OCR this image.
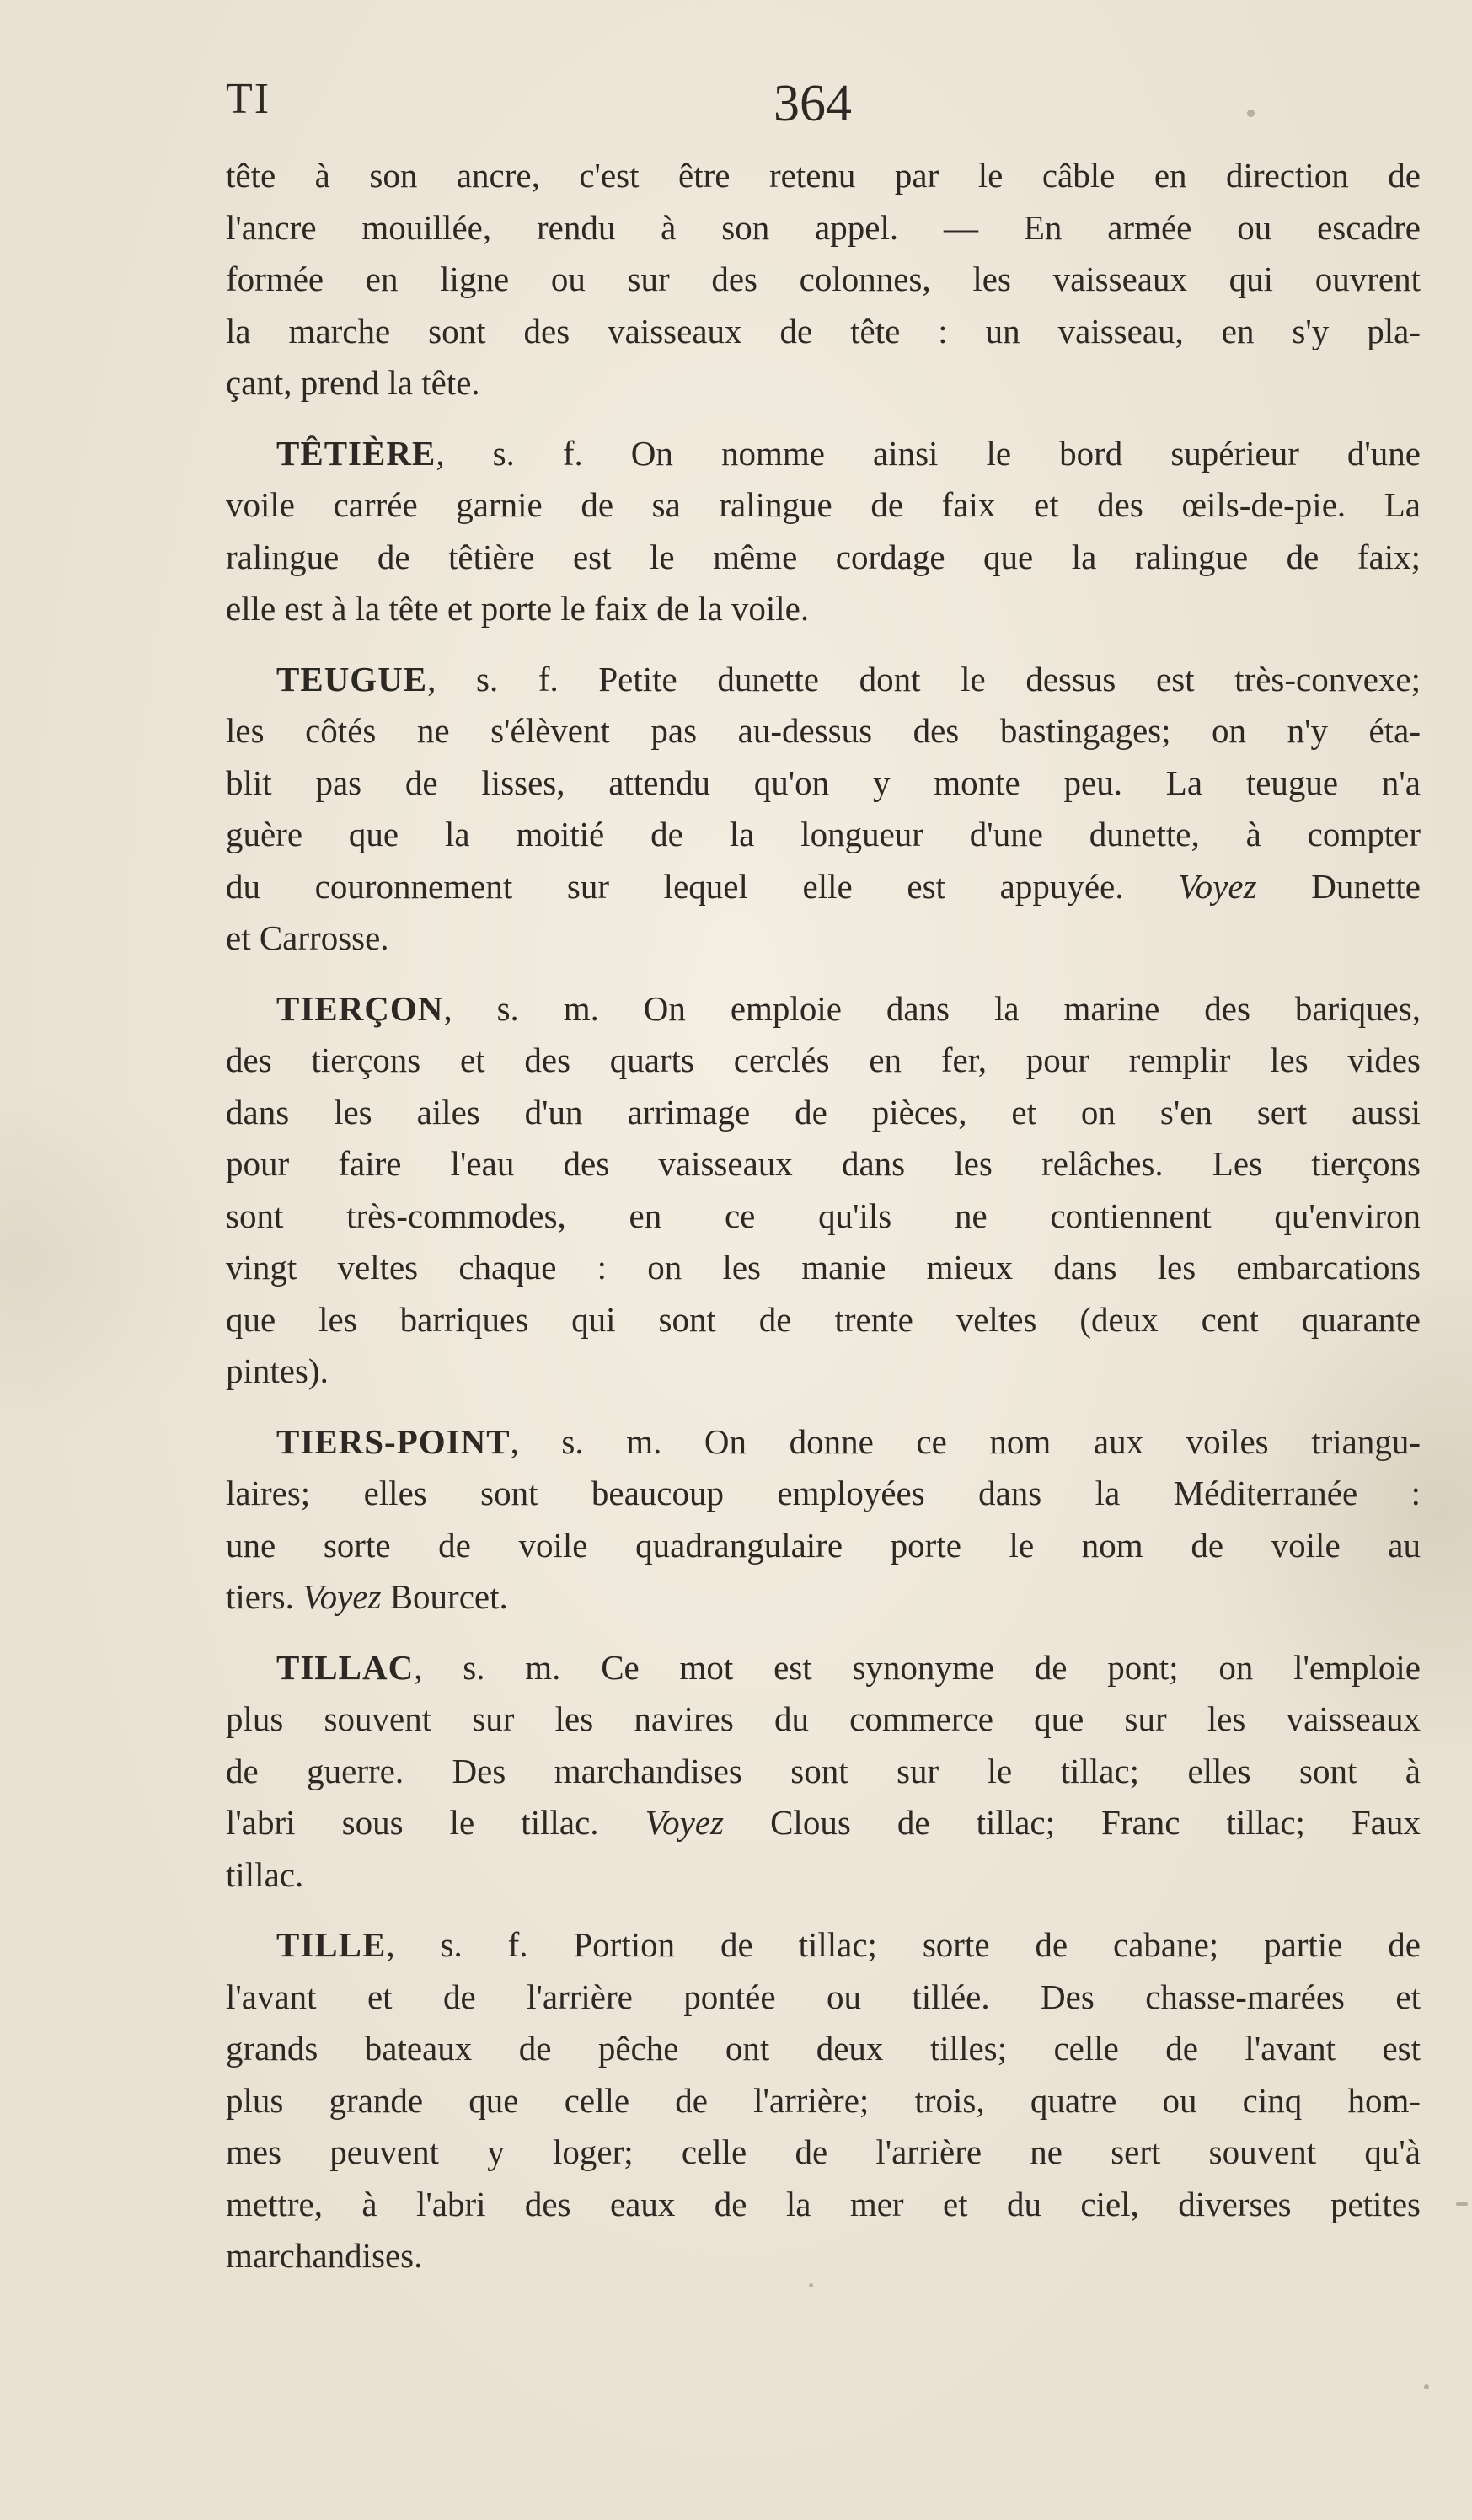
TI	364
tête à son ancre, c'est être retenu par le câble en direction de
l'ancre mouillée, rendu à son appel. — En armée ou escadre
formée en ligne ou sur des colonnes, les vaisseaux qui ouvrent
la marche sont des vaisseaux de tête : un vaisseau, en s'y pla-
çant, prend la tête.
TÊTIÈRE, s. f. On nomme ainsi le bord supérieur d'une
voile carrée garnie de sa ralingue de faix et des œils-de-pie. La
ralingue de têtière est le même cordage que la ralingue de faix;
elle est à la tête et porte le faix de la voile.
TEUGUE, s. f. Petite dunette dont le dessus est très-convexe;
les côtés ne s'élèvent pas au-dessus des bastingages; on n'y éta-
blit pas de lisses, attendu qu'on y monte peu. La teugue n'a
guère que la moitié de la longueur d'une dunette, à compter
du couronnement sur lequel elle est appuyée. Voyez Dunette
et Carrosse.
TIERÇON, s. m. On emploie dans la marine des bariques,
des tierçons et des quarts cerclés en fer, pour remplir les vides
dans les ailes d'un arrimage de pièces, et on s'en sert aussi
pour faire l'eau des vaisseaux dans les relâches. Les tierçons
sont très-commodes, en ce qu'ils ne contiennent qu'environ
vingt veltes chaque : on les manie mieux dans les embarcations
que les barriques qui sont de trente veltes (deux cent quarante
pintes).
TIERS-POINT, s. m. On donne ce nom aux voiles triangu-
laires; elles sont beaucoup employées dans la Méditerranée :
une sorte de voile quadrangulaire porte le nom de voile au
tiers. Voyez Bourcet.
TILLAC, s. m. Ce mot est synonyme de pont; on l'emploie
plus souvent sur les navires du commerce que sur les vaisseaux
de guerre. Des marchandises sont sur le tillac; elles sont à
l'abri sous le tillac. Voyez Clous de tillac; Franc tillac; Faux
tillac.
TILLE, s. f. Portion de tillac; sorte de cabane; partie de
l'avant et de l'arrière pontée ou tillée. Des chasse-marées et
grands bateaux de pêche ont deux tilles; celle de l'avant est
plus grande que celle de l'arrière; trois, quatre ou cinq hom-
mes peuvent y loger; celle de l'arrière ne sert souvent qu'à
mettre, à l'abri des eaux de la mer et du ciel, diverses petites
marchandises.
